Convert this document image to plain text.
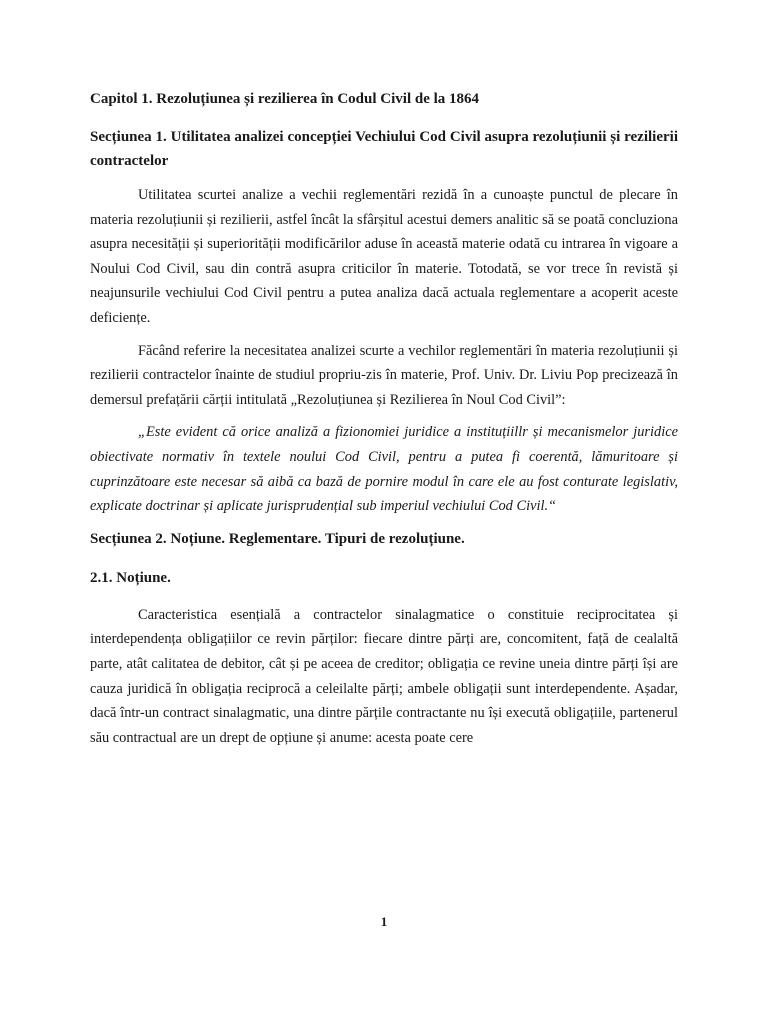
Capitol 1. Rezoluțiunea și rezilierea în Codul Civil de la 1864
Secțiunea 1. Utilitatea analizei concepției Vechiului Cod Civil asupra rezoluțiunii și rezilierii contractelor

Utilitatea scurtei analize a vechii reglementări rezidă în a cunoaște punctul de plecare în materia rezoluțiunii și rezilierii, astfel încât la sfârșitul acestui demers analitic să se poată concluziona asupra necesității și superiorității modificărilor aduse în această materie odată cu intrarea în vigoare a Noului Cod Civil, sau din contră asupra criticilor în materie. Totodată, se vor trece în revistă și neajunsurile vechiului Cod Civil pentru a putea analiza dacă actuala reglementare a acoperit aceste deficiențe.

Făcând referire la necesitatea analizei scurte a vechilor reglementări în materia rezoluțiunii și rezilierii contractelor înainte de studiul propriu-zis în materie, Prof. Univ. Dr. Liviu Pop precizează în demersul prefațării cărții intitulată „Rezoluțiunea și Rezilierea în Noul Cod Civil”:

„Este evident că orice analiză a fizionomiei juridice a instituțiillr și mecanismelor juridice obiectivate normativ în textele noului Cod Civil, pentru a putea fi coerentă, lămuritoare și cuprinzătoare este necesar să aibă ca bază de pornire modul în care ele au fost conturate legislativ, explicate doctrinar și aplicate jurisprudențial sub imperiul vechiului Cod Civil.“

Secțiunea 2. Noțiune. Reglementare. Tipuri de rezoluțiune.
2.1. Noțiune.

Caracteristica esențială a contractelor sinalagmatice o constituie reciprocitatea și interdependența obligațiilor ce revin părților: fiecare dintre părți are, concomitent, față de cealaltă parte, atât calitatea de debitor, cât și pe aceea de creditor; obligația ce revine uneia dintre părți își are cauza juridică în obligația reciprocă a celeilalte părți; ambele obligații sunt interdependente. Așadar, dacă într-un contract sinalagmatic, una dintre părțile contractante nu își execută obligațiile, partenerul său contractual are un drept de opțiune și anume: acesta poate cere

1
